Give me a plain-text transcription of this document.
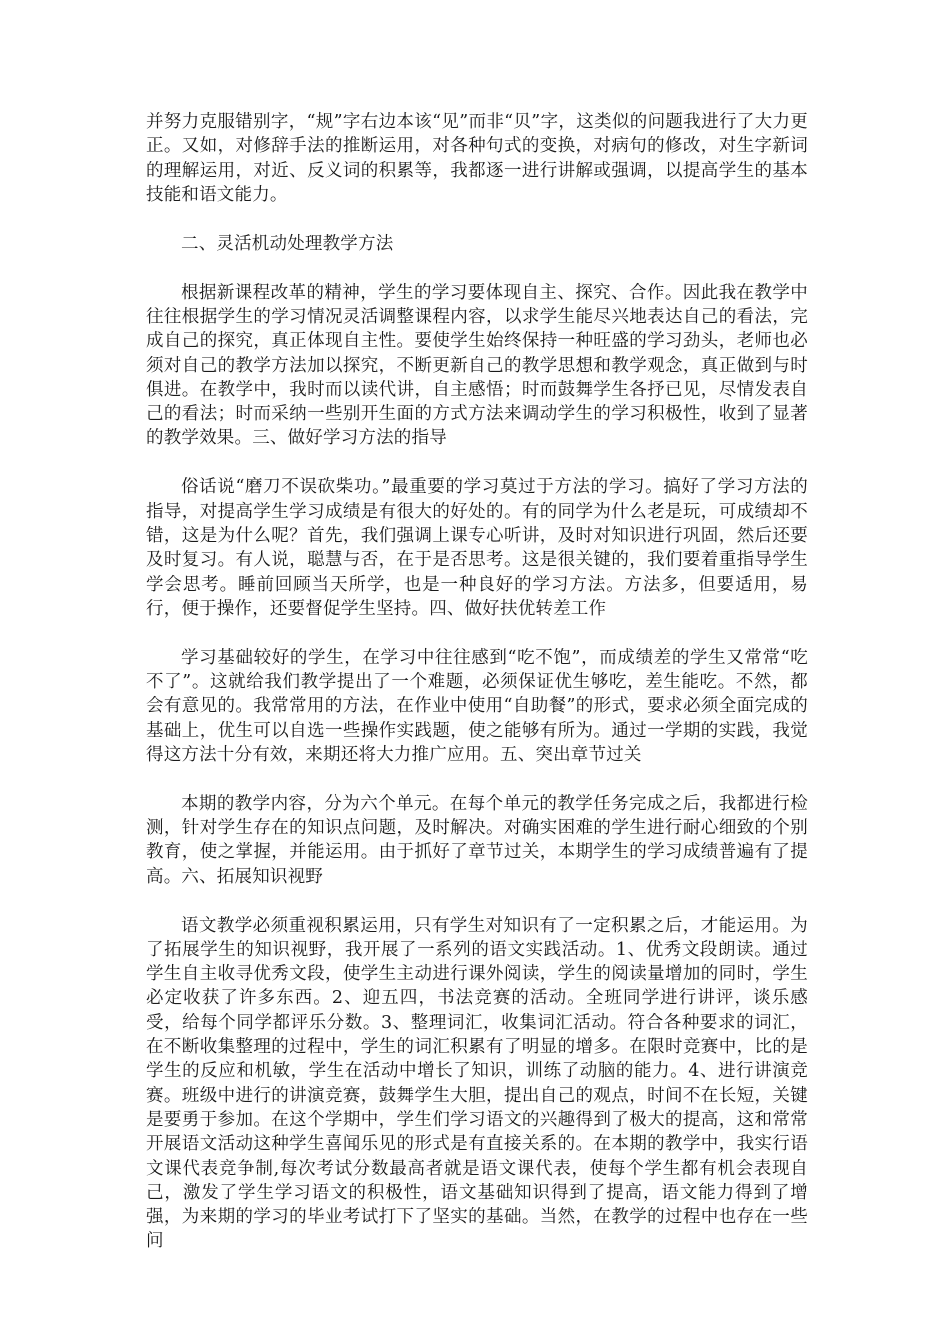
并努力克服错别字，“规”字右边本该“见”而非“贝”字，这类似的问题我进行了大力更正。又如，对修辞手法的推断运用，对各种句式的变换，对病句的修改，对生字新词的理解运用，对近、反义词的积累等，我都逐一进行讲解或强调，以提高学生的基本技能和语文能力。

二、灵活机动处理教学方法

根据新课程改革的精神，学生的学习要体现自主、探究、合作。因此我在教学中往往根据学生的学习情况灵活调整课程内容，以求学生能尽兴地表达自己的看法，完成自己的探究，真正体现自主性。要使学生始终保持一种旺盛的学习劲头，老师也必须对自己的教学方法加以探究，不断更新自己的教学思想和教学观念，真正做到与时俱进。在教学中，我时而以读代讲，自主感悟；时而鼓舞学生各抒已见，尽情发表自己的看法；时而采纳一些别开生面的方式方法来调动学生的学习积极性，收到了显著的教学效果。三、做好学习方法的指导

俗话说“磨刀不误砍柴功。”最重要的学习莫过于方法的学习。搞好了学习方法的指导，对提高学生学习成绩是有很大的好处的。有的同学为什么老是玩，可成绩却不错，这是为什么呢？首先，我们强调上课专心听讲，及时对知识进行巩固，然后还要及时复习。有人说，聪慧与否，在于是否思考。这是很关键的，我们要着重指导学生学会思考。睡前回顾当天所学，也是一种良好的学习方法。方法多，但要适用，易行，便于操作，还要督促学生坚持。四、做好扶优转差工作

学习基础较好的学生，在学习中往往感到“吃不饱”，而成绩差的学生又常常“吃不了”。这就给我们教学提出了一个难题，必须保证优生够吃，差生能吃。不然，都会有意见的。我常常用的方法，在作业中使用“自助餐”的形式，要求必须全面完成的基础上，优生可以自选一些操作实践题，使之能够有所为。通过一学期的实践，我觉得这方法十分有效，来期还将大力推广应用。五、突出章节过关

本期的教学内容，分为六个单元。在每个单元的教学任务完成之后，我都进行检测，针对学生存在的知识点问题，及时解决。对确实困难的学生进行耐心细致的个别教育，使之掌握，并能运用。由于抓好了章节过关，本期学生的学习成绩普遍有了提高。六、拓展知识视野

语文教学必须重视积累运用，只有学生对知识有了一定积累之后，才能运用。为了拓展学生的知识视野，我开展了一系列的语文实践活动。1、优秀文段朗读。通过学生自主收寻优秀文段，使学生主动进行课外阅读，学生的阅读量增加的同时，学生必定收获了许多东西。2、迎五四，书法竞赛的活动。全班同学进行讲评，谈乐感受，给每个同学都评乐分数。3、整理词汇，收集词汇活动。符合各种要求的词汇，在不断收集整理的过程中，学生的词汇积累有了明显的增多。在限时竞赛中，比的是学生的反应和机敏，学生在活动中增长了知识，训练了动脑的能力。4、进行讲演竞赛。班级中进行的讲演竞赛，鼓舞学生大胆，提出自己的观点，时间不在长短，关键是要勇于参加。在这个学期中，学生们学习语文的兴趣得到了极大的提高，这和常常开展语文活动这种学生喜闻乐见的形式是有直接关系的。在本期的教学中，我实行语文课代表竞争制,每次考试分数最高者就是语文课代表，使每个学生都有机会表现自己，激发了学生学习语文的积极性，语文基础知识得到了提高，语文能力得到了增强，为来期的学习的毕业考试打下了坚实的基础。当然，在教学的过程中也存在一些问
